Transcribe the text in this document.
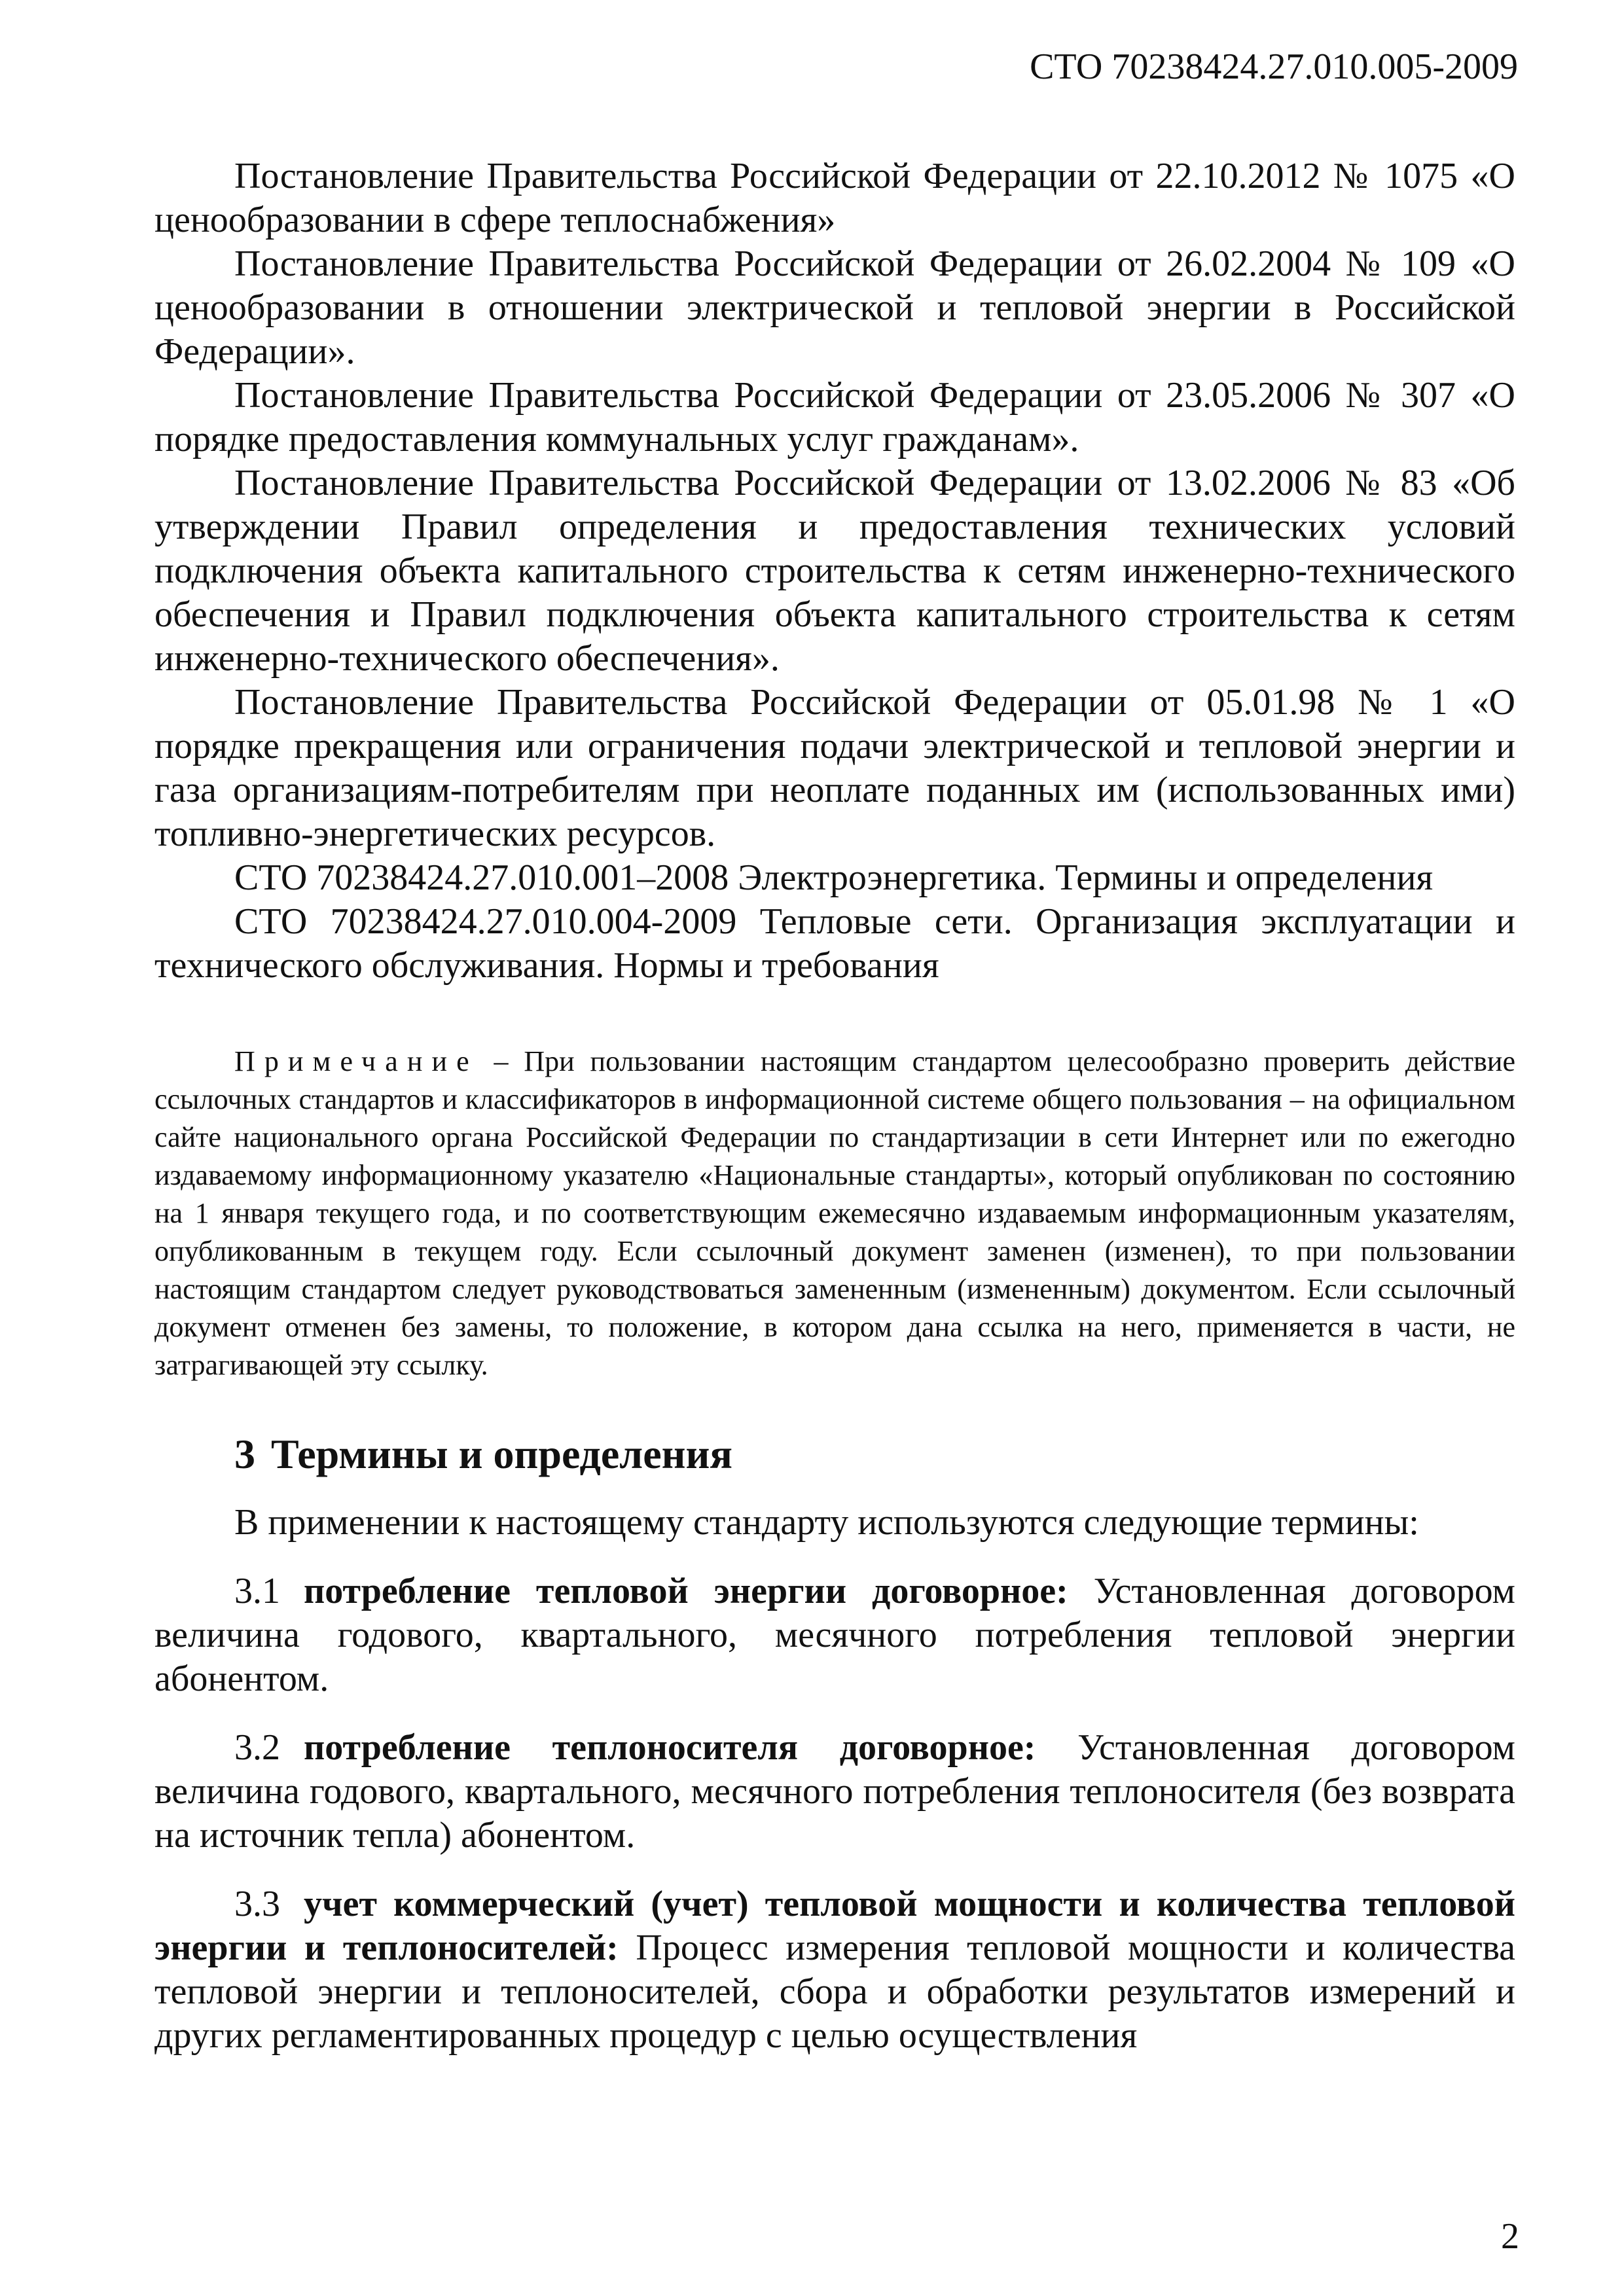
СТО 70238424.27.010.005-2009

Постановление Правительства Российской Федерации от 22.10.2012 № 1075 «О ценообразовании в сфере теплоснабжения»

Постановление Правительства Российской Федерации от 26.02.2004 № 109 «О ценообразовании в отношении электрической и тепловой энергии в Российской Федерации».

Постановление Правительства Российской Федерации от 23.05.2006 № 307 «О порядке предоставления коммунальных услуг гражданам».

Постановление Правительства Российской Федерации от 13.02.2006 № 83 «Об утверждении Правил определения и предоставления технических условий подключения объекта капитального строительства к сетям инженерно-технического обеспечения и Правил подключения объекта капитального строительства к сетям инженерно-технического обеспечения».

Постановление Правительства Российской Федерации от 05.01.98 № 1 «О порядке прекращения или ограничения подачи электрической и тепловой энергии и газа организациям-потребителям при неоплате поданных им (использованных ими) топливно-энергетических ресурсов.

СТО 70238424.27.010.001–2008 Электроэнергетика. Термины и определения

СТО 70238424.27.010.004-2009 Тепловые сети. Организация эксплуатации и технического обслуживания. Нормы и требования

Примечание – При пользовании настоящим стандартом целесообразно проверить действие ссылочных стандартов и классификаторов в информационной системе общего пользования – на официальном сайте национального органа Российской Федерации по стандартизации в сети Интернет или по ежегодно издаваемому информационному указателю «Национальные стандарты», который опубликован по состоянию на 1 января текущего года, и по соответствующим ежемесячно издаваемым информационным указателям, опубликованным в текущем году. Если ссылочный документ заменен (изменен), то при пользовании настоящим стандартом следует руководствоваться замененным (измененным) документом. Если ссылочный документ отменен без замены, то положение, в котором дана ссылка на него, применяется в части, не затрагивающей эту ссылку.

3 Термины и определения

В применении к настоящему стандарту используются следующие термины:

3.1 потребление тепловой энергии договорное: Установленная договором величина годового, квартального, месячного потребления тепловой энергии абонентом.

3.2 потребление теплоносителя договорное: Установленная договором величина годового, квартального, месячного потребления теплоносителя (без возврата на источник тепла) абонентом.

3.3 учет коммерческий (учет) тепловой мощности и количества тепловой энергии и теплоносителей: Процесс измерения тепловой мощности и количества тепловой энергии и теплоносителей, сбора и обработки результатов измерений и других регламентированных процедур с целью осуществления

2
